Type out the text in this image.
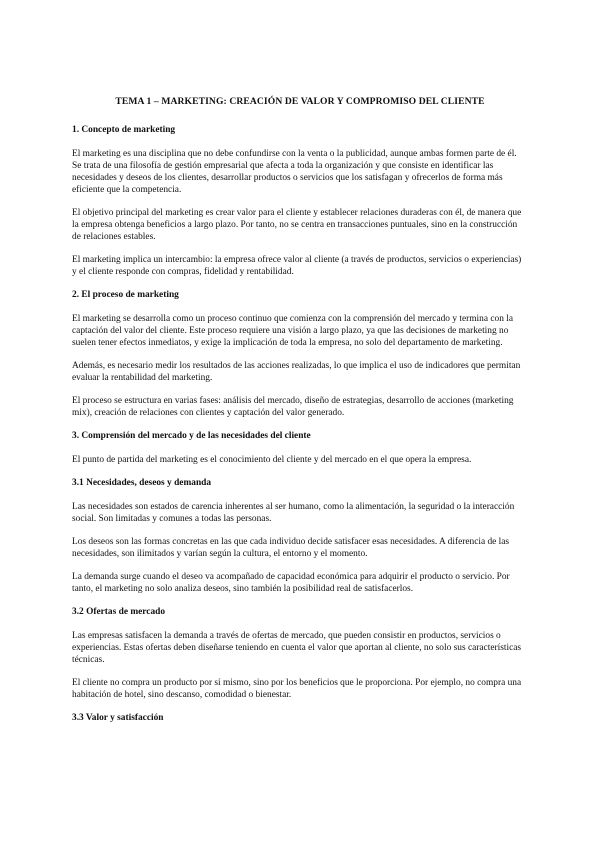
TEMA 1 – MARKETING: CREACIÓN DE VALOR Y COMPROMISO DEL CLIENTE
1. Concepto de marketing
El marketing es una disciplina que no debe confundirse con la venta o la publicidad, aunque ambas formen parte de él. Se trata de una filosofía de gestión empresarial que afecta a toda la organización y que consiste en identificar las necesidades y deseos de los clientes, desarrollar productos o servicios que los satisfagan y ofrecerlos de forma más eficiente que la competencia.
El objetivo principal del marketing es crear valor para el cliente y establecer relaciones duraderas con él, de manera que la empresa obtenga beneficios a largo plazo. Por tanto, no se centra en transacciones puntuales, sino en la construcción de relaciones estables.
El marketing implica un intercambio: la empresa ofrece valor al cliente (a través de productos, servicios o experiencias) y el cliente responde con compras, fidelidad y rentabilidad.
2. El proceso de marketing
El marketing se desarrolla como un proceso continuo que comienza con la comprensión del mercado y termina con la captación del valor del cliente. Este proceso requiere una visión a largo plazo, ya que las decisiones de marketing no suelen tener efectos inmediatos, y exige la implicación de toda la empresa, no solo del departamento de marketing.
Además, es necesario medir los resultados de las acciones realizadas, lo que implica el uso de indicadores que permitan evaluar la rentabilidad del marketing.
El proceso se estructura en varias fases: análisis del mercado, diseño de estrategias, desarrollo de acciones (marketing mix), creación de relaciones con clientes y captación del valor generado.
3. Comprensión del mercado y de las necesidades del cliente
El punto de partida del marketing es el conocimiento del cliente y del mercado en el que opera la empresa.
3.1 Necesidades, deseos y demanda
Las necesidades son estados de carencia inherentes al ser humano, como la alimentación, la seguridad o la interacción social. Son limitadas y comunes a todas las personas.
Los deseos son las formas concretas en las que cada individuo decide satisfacer esas necesidades. A diferencia de las necesidades, son ilimitados y varían según la cultura, el entorno y el momento.
La demanda surge cuando el deseo va acompañado de capacidad económica para adquirir el producto o servicio. Por tanto, el marketing no solo analiza deseos, sino también la posibilidad real de satisfacerlos.
3.2 Ofertas de mercado
Las empresas satisfacen la demanda a través de ofertas de mercado, que pueden consistir en productos, servicios o experiencias. Estas ofertas deben diseñarse teniendo en cuenta el valor que aportan al cliente, no solo sus características técnicas.
El cliente no compra un producto por sí mismo, sino por los beneficios que le proporciona. Por ejemplo, no compra una habitación de hotel, sino descanso, comodidad o bienestar.
3.3 Valor y satisfacción
